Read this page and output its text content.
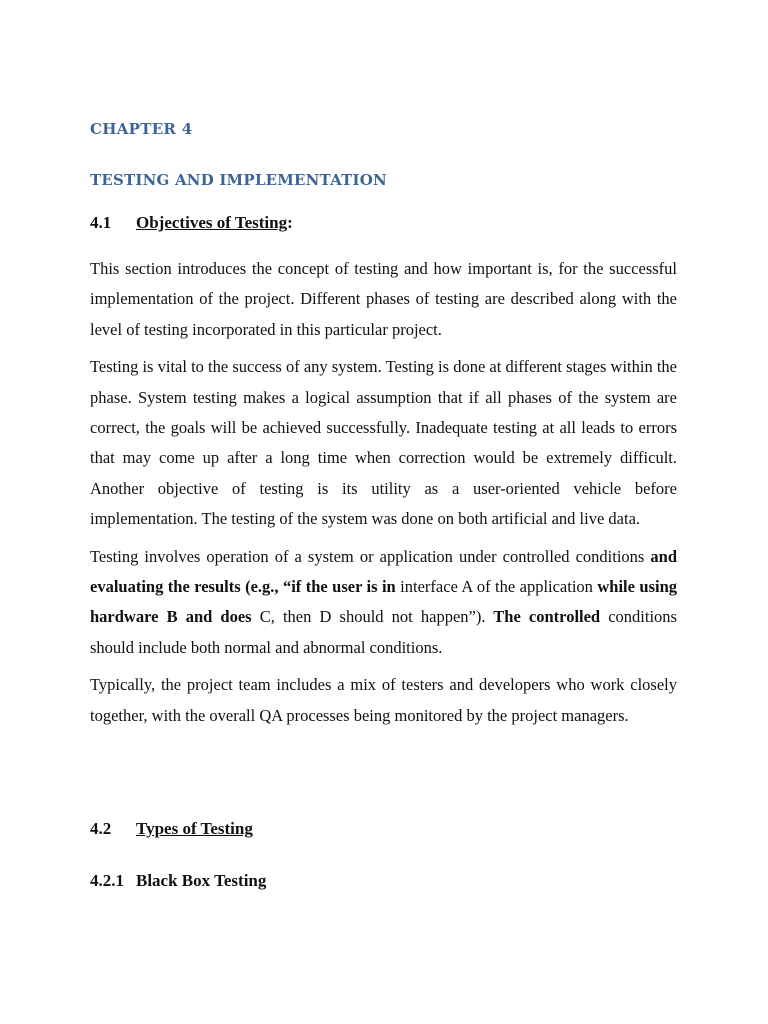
CHAPTER 4
TESTING AND IMPLEMENTATION
4.1	Objectives of Testing :

This section introduces the concept of testing and how important is, for the successful implementation of the project. Different phases of testing are described along with the level of testing incorporated in this particular project.

Testing is vital to the success of any system. Testing is done at different stages within the phase. System testing makes a logical assumption that if all phases of the system are correct, the goals will be achieved successfully. Inadequate testing at all leads to errors that may come up after a long time when correction would be extremely difficult. Another objective of testing is its utility as a user-oriented vehicle before implementation. The testing of the system was done on both artificial and live data.

Testing involves operation of a system or application under controlled conditions and evaluating the results (e.g., “if the user is in interface A of the application while using hardware B and does C, then D should not happen”). The controlled conditions should include both normal and abnormal conditions.

Typically, the project team includes a mix of testers and developers who work closely together, with the overall QA processes being monitored by the project managers.

4.2	Types of Testing
4.2.1 Black Box Testing
